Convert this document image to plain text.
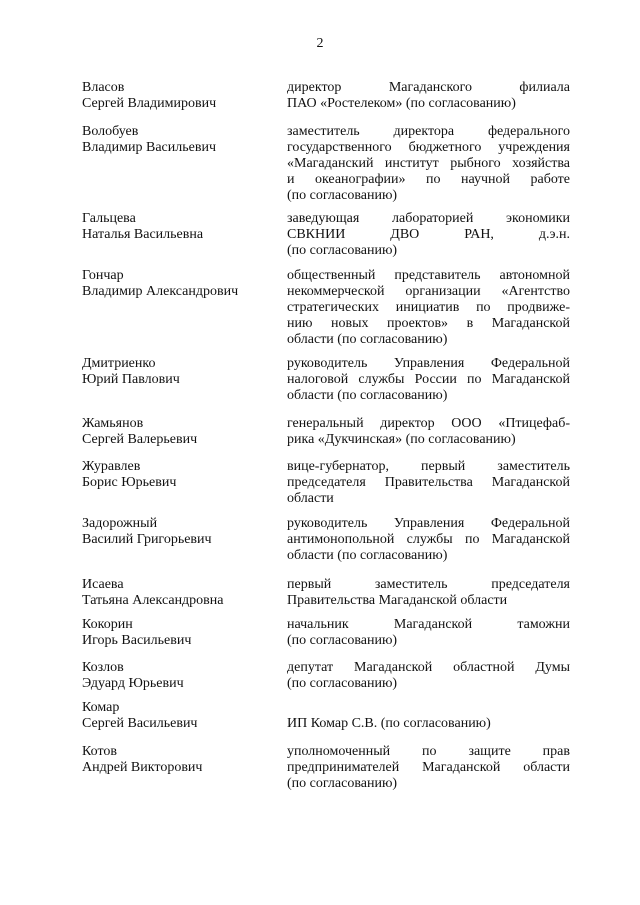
2
Власов
Сергей Владимирович
директор Магаданского филиала
ПАО «Ростелеком» (по согласованию)
Волобуев
Владимир Васильевич
заместитель директора федерального
государственного бюджетного учреждения
«Магаданский институт рыбного хозяйства
и океанографии» по научной работе
(по согласованию)
Гальцева
Наталья Васильевна
заведующая лабораторией экономики
СВКНИИ ДВО РАН, д.э.н.
(по согласованию)
Гончар
Владимир Александрович
общественный представитель автономной
некоммерческой организации «Агентство
стратегических инициатив по продвиже-
нию новых проектов» в Магаданской
области (по согласованию)
Дмитриенко
Юрий Павлович
руководитель Управления Федеральной
налоговой службы России по Магаданской
области (по согласованию)
Жамьянов
Сергей Валерьевич
генеральный директор ООО «Птицефаб-
рика «Дукчинская» (по согласованию)
Журавлев
Борис Юрьевич
вице-губернатор, первый заместитель
председателя Правительства Магаданской
области
Задорожный
Василий Григорьевич
руководитель Управления Федеральной
антимонопольной службы по Магаданской
области (по согласованию)
Исаева
Татьяна Александровна
первый заместитель председателя
Правительства Магаданской области
Кокорин
Игорь Васильевич
начальник Магаданской таможни
(по согласованию)
Козлов
Эдуард Юрьевич
депутат Магаданской областной Думы
(по согласованию)
Комар
Сергей Васильевич	ИП Комар С.В. (по согласованию)
Котов
Андрей Викторович
уполномоченный по защите прав
предпринимателей Магаданской области
(по согласованию)
